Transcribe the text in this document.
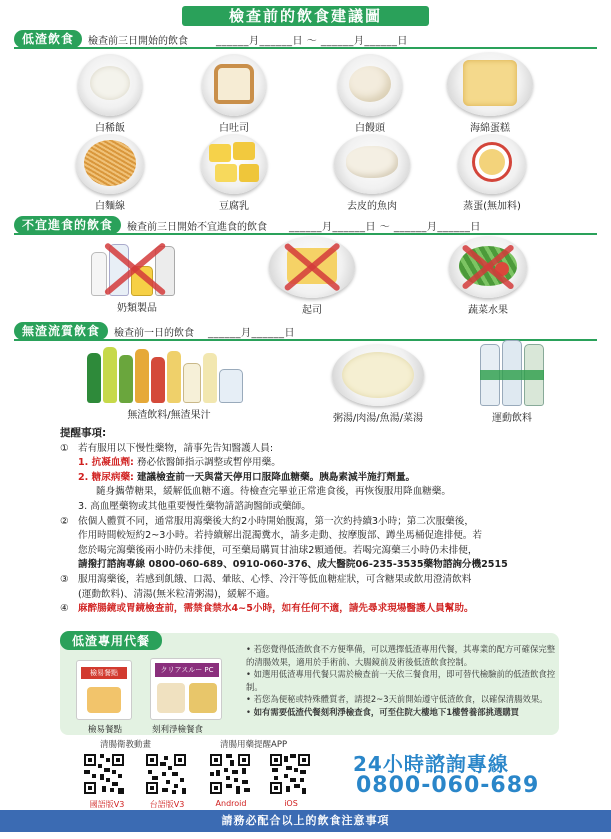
檢查前的飲食建議圖
低渣飲食	檢查前三日開始的飲食	______月______日 ～ ______月______日
白稀飯	白吐司	白饅頭	海綿蛋糕
白麵線	豆腐乳	去皮的魚肉	蒸蛋(無加料)
不宜進食的飲食	檢查前三日開始不宜進食的飲食 ______月______日 ～ ______月______日
奶類製品	起司	蔬菜水果
無渣流質飲食	檢查前一日的飲食 ______月______日
無渣飲料/無渣果汁	粥湯/肉湯/魚湯/菜湯	運動飲料
提醒事項:
① 若有服用以下慢性藥物，請事先告知醫護人員:
1. 抗凝血劑: 務必依醫師指示調整或暫停用藥。
2. 糖尿病藥: 建議檢查前一天與當天停用口服降血糖藥。胰島素減半施打劑量。
隨身攜帶糖果，緩解低血糖不適。待檢查完畢並正常進食後，再恢復服用降血糖藥。
3. 高血壓藥物或其他重要慢性藥物請諮詢醫師或藥師。
② 依個人體質不同，通常服用瀉藥後大約2小時開始腹瀉，第一次約持續3小時；第二次服藥後，
作用時間較短約2~3小時。若持續解出混濁糞水，請多走動、按摩腹部、蹲坐馬桶促進排便。若
您於喝完瀉藥後兩小時仍未排便，可至藥局購買甘油球2顆通便。若喝完瀉藥三小時仍未排便，
請撥打諮詢專線 0800-060-689、0910-060-376、成大醫院06-235-3535藥物諮詢分機2515
③ 服用瀉藥後，若感到飢餓、口渴、暈眩、心悸、冷汗等低血糖症狀，可含糖果或飲用澄清飲料
(運動飲料)、清湯(無米粒清粥湯)，緩解不適。
④ 麻醉腸鏡或胃鏡檢查前，需禁食禁水4~5小時，如有任何不適，請先尋求現場醫護人員幫助。
低渣專用代餐
檢易餐點	クリアスルー PC
檢易餐點	刻利淨檢餐食
• 若您覺得低渣飲食不方便準備，可以選擇低渣專用代餐，其專業的配方可確保完整的清腸效果，適用於手術前、大腸鏡前及術後低渣飲食控制。
• 如選用低渣專用代餐只需於檢查前一天依三餐食用，即可替代檢驗前的低渣飲食控制。
• 若您為便秘或特殊體質者，請提2~3天前開始遵守低渣飲食，以確保清腸效果。
• 如有需要低渣代餐刻利淨檢查食，可至住院大樓地下1樓營養部挑選購買
清腸衛教動畫	清腸用藥提醒APP
國語版V3	台語版V3	Android	iOS
24小時諮詢專線
0800-060-689
請務必配合以上的飲食注意事項
